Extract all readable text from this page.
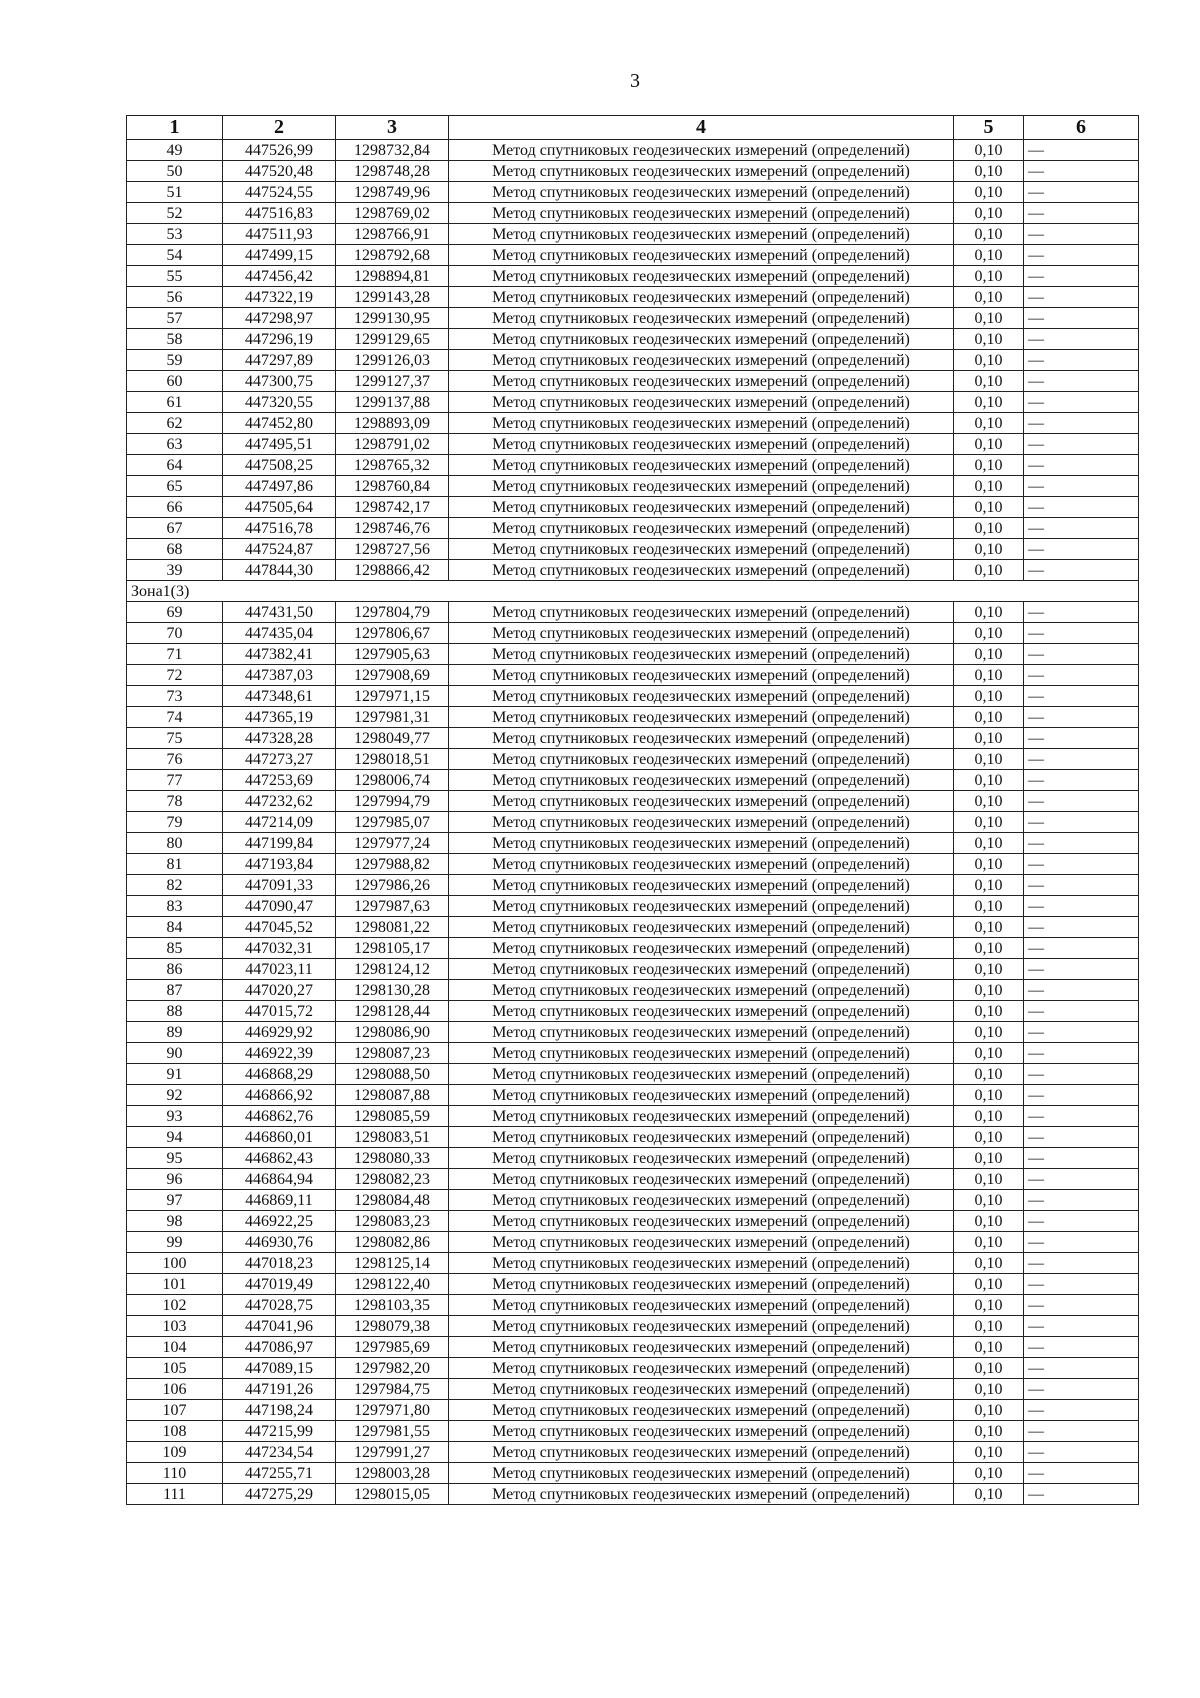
3
1	2	3	4	5	6
49	447526,99	1298732,84	Метод спутниковых геодезических измерений (определений)	0,10	—
50	447520,48	1298748,28	Метод спутниковых геодезических измерений (определений)	0,10	—
51	447524,55	1298749,96	Метод спутниковых геодезических измерений (определений)	0,10	—
52	447516,83	1298769,02	Метод спутниковых геодезических измерений (определений)	0,10	—
53	447511,93	1298766,91	Метод спутниковых геодезических измерений (определений)	0,10	—
54	447499,15	1298792,68	Метод спутниковых геодезических измерений (определений)	0,10	—
55	447456,42	1298894,81	Метод спутниковых геодезических измерений (определений)	0,10	—
56	447322,19	1299143,28	Метод спутниковых геодезических измерений (определений)	0,10	—
57	447298,97	1299130,95	Метод спутниковых геодезических измерений (определений)	0,10	—
58	447296,19	1299129,65	Метод спутниковых геодезических измерений (определений)	0,10	—
59	447297,89	1299126,03	Метод спутниковых геодезических измерений (определений)	0,10	—
60	447300,75	1299127,37	Метод спутниковых геодезических измерений (определений)	0,10	—
61	447320,55	1299137,88	Метод спутниковых геодезических измерений (определений)	0,10	—
62	447452,80	1298893,09	Метод спутниковых геодезических измерений (определений)	0,10	—
63	447495,51	1298791,02	Метод спутниковых геодезических измерений (определений)	0,10	—
64	447508,25	1298765,32	Метод спутниковых геодезических измерений (определений)	0,10	—
65	447497,86	1298760,84	Метод спутниковых геодезических измерений (определений)	0,10	—
66	447505,64	1298742,17	Метод спутниковых геодезических измерений (определений)	0,10	—
67	447516,78	1298746,76	Метод спутниковых геодезических измерений (определений)	0,10	—
68	447524,87	1298727,56	Метод спутниковых геодезических измерений (определений)	0,10	—
39	447844,30	1298866,42	Метод спутниковых геодезических измерений (определений)	0,10	—
Зона1(3)					
69	447431,50	1297804,79	Метод спутниковых геодезических измерений (определений)	0,10	—
70	447435,04	1297806,67	Метод спутниковых геодезических измерений (определений)	0,10	—
71	447382,41	1297905,63	Метод спутниковых геодезических измерений (определений)	0,10	—
72	447387,03	1297908,69	Метод спутниковых геодезических измерений (определений)	0,10	—
73	447348,61	1297971,15	Метод спутниковых геодезических измерений (определений)	0,10	—
74	447365,19	1297981,31	Метод спутниковых геодезических измерений (определений)	0,10	—
75	447328,28	1298049,77	Метод спутниковых геодезических измерений (определений)	0,10	—
76	447273,27	1298018,51	Метод спутниковых геодезических измерений (определений)	0,10	—
77	447253,69	1298006,74	Метод спутниковых геодезических измерений (определений)	0,10	—
78	447232,62	1297994,79	Метод спутниковых геодезических измерений (определений)	0,10	—
79	447214,09	1297985,07	Метод спутниковых геодезических измерений (определений)	0,10	—
80	447199,84	1297977,24	Метод спутниковых геодезических измерений (определений)	0,10	—
81	447193,84	1297988,82	Метод спутниковых геодезических измерений (определений)	0,10	—
82	447091,33	1297986,26	Метод спутниковых геодезических измерений (определений)	0,10	—
83	447090,47	1297987,63	Метод спутниковых геодезических измерений (определений)	0,10	—
84	447045,52	1298081,22	Метод спутниковых геодезических измерений (определений)	0,10	—
85	447032,31	1298105,17	Метод спутниковых геодезических измерений (определений)	0,10	—
86	447023,11	1298124,12	Метод спутниковых геодезических измерений (определений)	0,10	—
87	447020,27	1298130,28	Метод спутниковых геодезических измерений (определений)	0,10	—
88	447015,72	1298128,44	Метод спутниковых геодезических измерений (определений)	0,10	—
89	446929,92	1298086,90	Метод спутниковых геодезических измерений (определений)	0,10	—
90	446922,39	1298087,23	Метод спутниковых геодезических измерений (определений)	0,10	—
91	446868,29	1298088,50	Метод спутниковых геодезических измерений (определений)	0,10	—
92	446866,92	1298087,88	Метод спутниковых геодезических измерений (определений)	0,10	—
93	446862,76	1298085,59	Метод спутниковых геодезических измерений (определений)	0,10	—
94	446860,01	1298083,51	Метод спутниковых геодезических измерений (определений)	0,10	—
95	446862,43	1298080,33	Метод спутниковых геодезических измерений (определений)	0,10	—
96	446864,94	1298082,23	Метод спутниковых геодезических измерений (определений)	0,10	—
97	446869,11	1298084,48	Метод спутниковых геодезических измерений (определений)	0,10	—
98	446922,25	1298083,23	Метод спутниковых геодезических измерений (определений)	0,10	—
99	446930,76	1298082,86	Метод спутниковых геодезических измерений (определений)	0,10	—
100	447018,23	1298125,14	Метод спутниковых геодезических измерений (определений)	0,10	—
101	447019,49	1298122,40	Метод спутниковых геодезических измерений (определений)	0,10	—
102	447028,75	1298103,35	Метод спутниковых геодезических измерений (определений)	0,10	—
103	447041,96	1298079,38	Метод спутниковых геодезических измерений (определений)	0,10	—
104	447086,97	1297985,69	Метод спутниковых геодезических измерений (определений)	0,10	—
105	447089,15	1297982,20	Метод спутниковых геодезических измерений (определений)	0,10	—
106	447191,26	1297984,75	Метод спутниковых геодезических измерений (определений)	0,10	—
107	447198,24	1297971,80	Метод спутниковых геодезических измерений (определений)	0,10	—
108	447215,99	1297981,55	Метод спутниковых геодезических измерений (определений)	0,10	—
109	447234,54	1297991,27	Метод спутниковых геодезических измерений (определений)	0,10	—
110	447255,71	1298003,28	Метод спутниковых геодезических измерений (определений)	0,10	—
111	447275,29	1298015,05	Метод спутниковых геодезических измерений (определений)	0,10	—
